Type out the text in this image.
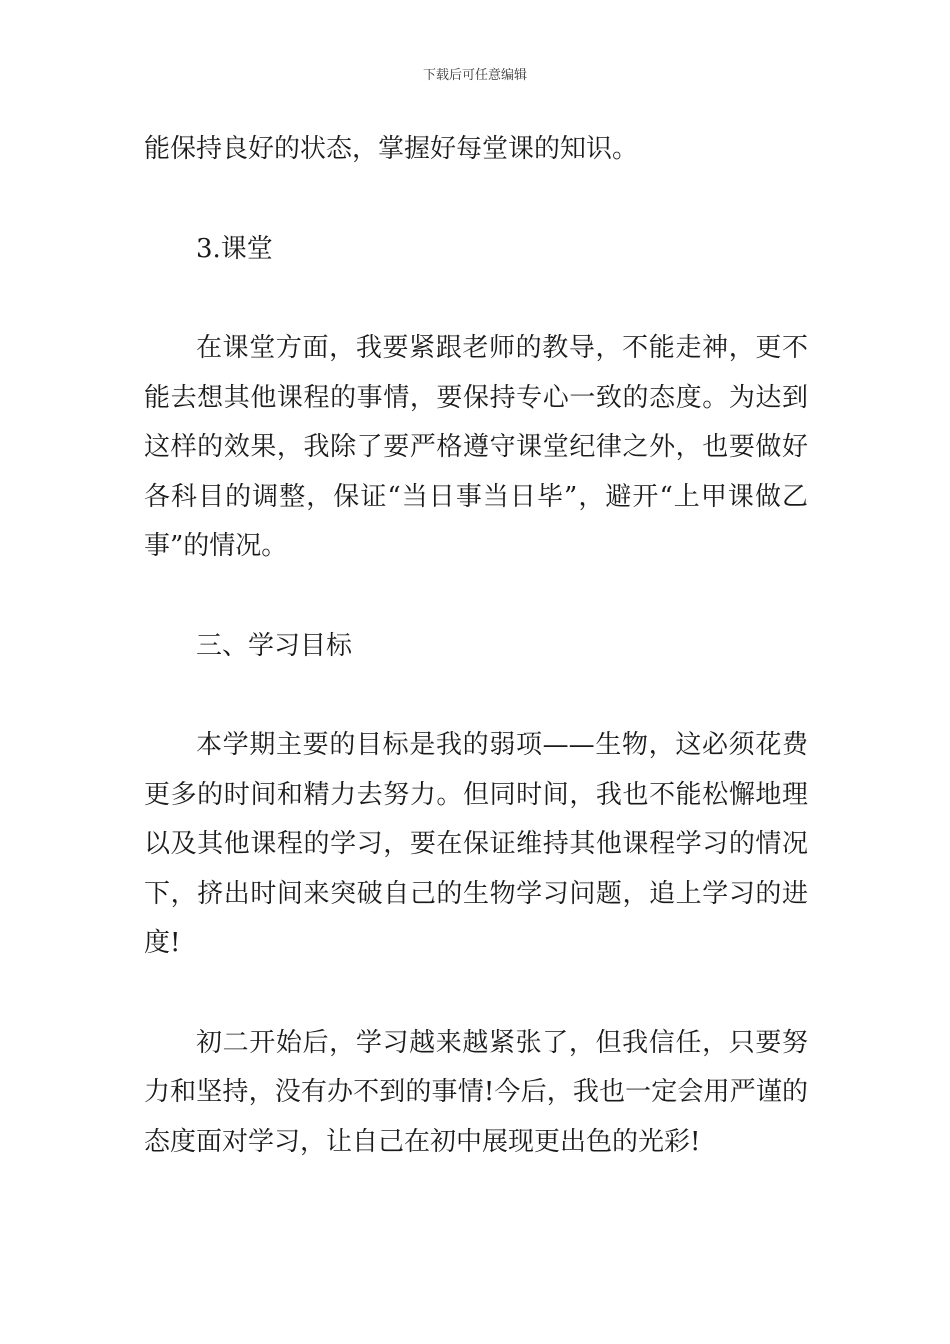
下载后可任意编辑

能保持良好的状态，掌握好每堂课的知识。

3.课堂

在课堂方面，我要紧跟老师的教导，不能走神，更不能去想其他课程的事情，要保持专心一致的态度。为达到这样的效果，我除了要严格遵守课堂纪律之外，也要做好各科目的调整，保证“当日事当日毕”，避开“上甲课做乙事”的情况。

三、学习目标

本学期主要的目标是我的弱项——生物，这必须花费更多的时间和精力去努力。但同时间，我也不能松懈地理以及其他课程的学习，要在保证维持其他课程学习的情况下，挤出时间来突破自己的生物学习问题，追上学习的进度!

初二开始后，学习越来越紧张了，但我信任，只要努力和坚持，没有办不到的事情!今后，我也一定会用严谨的态度面对学习，让自己在初中展现更出色的光彩!
